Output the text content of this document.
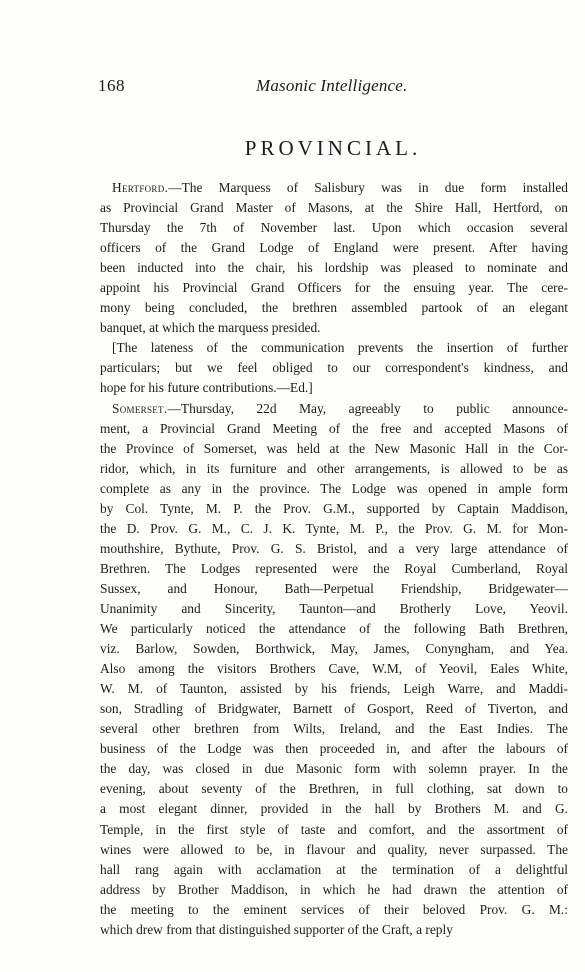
168	Masonic Intelligence.
PROVINCIAL.
Hertford.—The Marquess of Salisbury was in due form installed
as Provincial Grand Master of Masons, at the Shire Hall, Hertford, on
Thursday the 7th of November last. Upon which occasion several
officers of the Grand Lodge of England were present. After having
been inducted into the chair, his lordship was pleased to nominate and
appoint his Provincial Grand Officers for the ensuing year. The cere-
mony being concluded, the brethren assembled partook of an elegant
banquet, at which the marquess presided.
[The lateness of the communication prevents the insertion of further
particulars; but we feel obliged to our correspondent's kindness, and
hope for his future contributions.—Ed.]
Somerset.—Thursday, 22d May, agreeably to public announce-
ment, a Provincial Grand Meeting of the free and accepted Masons of
the Province of Somerset, was held at the New Masonic Hall in the Cor-
ridor, which, in its furniture and other arrangements, is allowed to be as
complete as any in the province. The Lodge was opened in ample form
by Col. Tynte, M. P. the Prov. G.M., supported by Captain Maddison,
the D. Prov. G. M., C. J. K. Tynte, M. P., the Prov. G. M. for Mon-
mouthshire, Bythute, Prov. G. S. Bristol, and a very large attendance of
Brethren. The Lodges represented were the Royal Cumberland, Royal
Sussex, and Honour, Bath—Perpetual Friendship, Bridgewater—
Unanimity and Sincerity, Taunton—and Brotherly Love, Yeovil.
We particularly noticed the attendance of the following Bath Brethren,
viz. Barlow, Sowden, Borthwick, May, James, Conyngham, and Yea.
Also among the visitors Brothers Cave, W.M, of Yeovil, Eales White,
W. M. of Taunton, assisted by his friends, Leigh Warre, and Maddi-
son, Stradling of Bridgwater, Barnett of Gosport, Reed of Tiverton, and
several other brethren from Wilts, Ireland, and the East Indies. The
business of the Lodge was then proceeded in, and after the labours of
the day, was closed in due Masonic form with solemn prayer. In the
evening, about seventy of the Brethren, in full clothing, sat down to
a most elegant dinner, provided in the hall by Brothers M. and G.
Temple, in the first style of taste and comfort, and the assortment of
wines were allowed to be, in flavour and quality, never surpassed. The
hall rang again with acclamation at the termination of a delightful
address by Brother Maddison, in which he had drawn the attention of
the meeting to the eminent services of their beloved Prov. G. M.:
which drew from that distinguished supporter of the Craft, a reply
